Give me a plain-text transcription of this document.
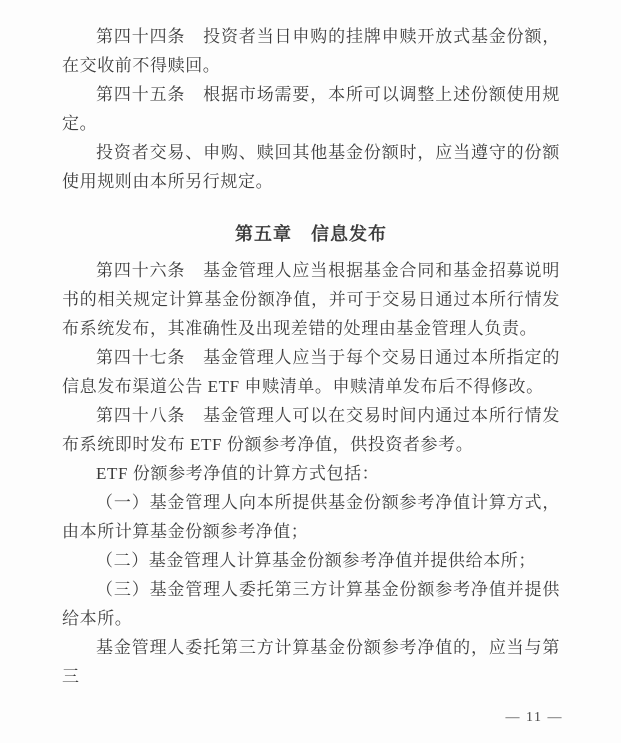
第四十四条　投资者当日申购的挂牌申赎开放式基金份额，在交收前不得赎回。

第四十五条　根据市场需要，本所可以调整上述份额使用规定。

投资者交易、申购、赎回其他基金份额时，应当遵守的份额使用规则由本所另行规定。

第五章　信息发布

第四十六条　基金管理人应当根据基金合同和基金招募说明书的相关规定计算基金份额净值，并可于交易日通过本所行情发布系统发布，其准确性及出现差错的处理由基金管理人负责。

第四十七条　基金管理人应当于每个交易日通过本所指定的信息发布渠道公告 ETF 申赎清单。申赎清单发布后不得修改。

第四十八条　基金管理人可以在交易时间内通过本所行情发布系统即时发布 ETF 份额参考净值，供投资者参考。

ETF 份额参考净值的计算方式包括：

（一）基金管理人向本所提供基金份额参考净值计算方式，由本所计算基金份额参考净值；

（二）基金管理人计算基金份额参考净值并提供给本所；

（三）基金管理人委托第三方计算基金份额参考净值并提供给本所。

基金管理人委托第三方计算基金份额参考净值的，应当与第三

— 11 —
